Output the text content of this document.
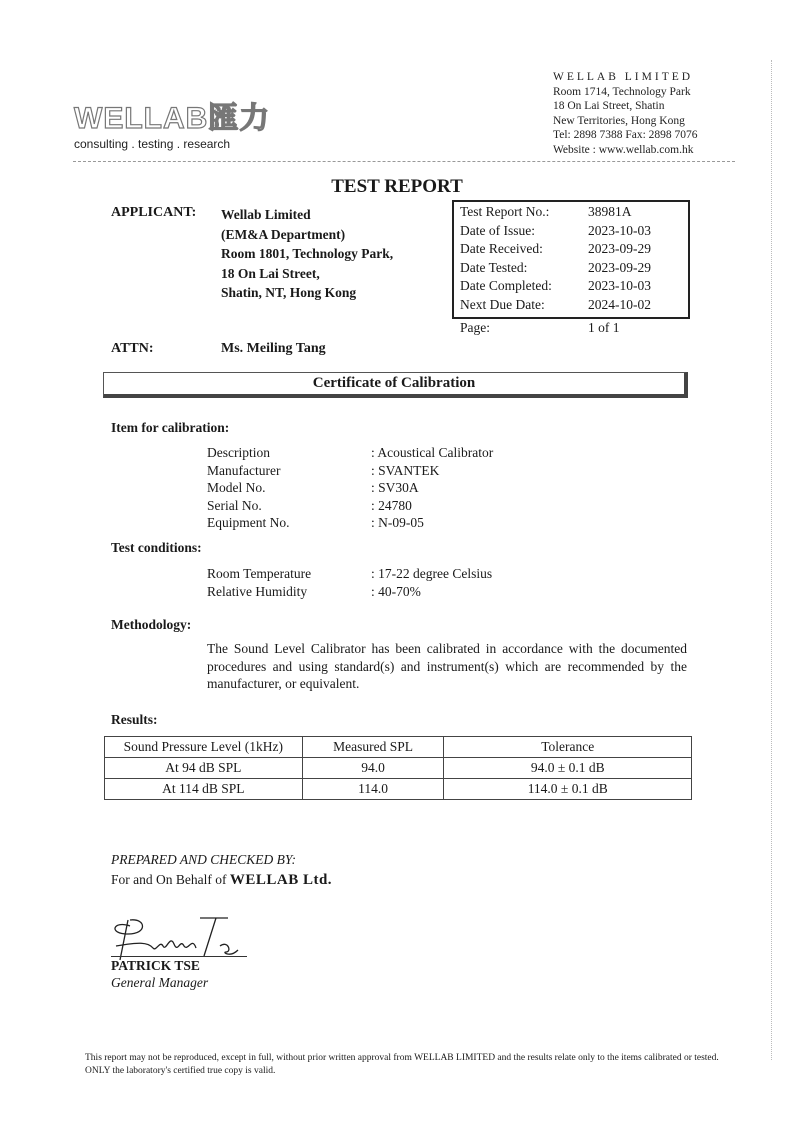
WELLAB匯力
consulting . testing . research
WELLAB LIMITED
Room 1714, Technology Park
18 On Lai Street, Shatin
New Territories, Hong Kong
Tel: 2898 7388 Fax: 2898 7076
Website : www.wellab.com.hk
TEST REPORT
APPLICANT: Wellab Limited
(EM&A Department)
Room 1801, Technology Park,
18 On Lai Street,
Shatin, NT, Hong Kong
Test Report No.:	38981A
Date of Issue:	2023-10-03
Date Received:	2023-09-29
Date Tested:	2023-09-29
Date Completed:	2023-10-03
Next Due Date:	2024-10-02
Page:	1 of 1
ATTN:	Ms. Meiling Tang
Certificate of Calibration
Item for calibration:
Description	: Acoustical Calibrator
Manufacturer	: SVANTEK
Model No.	: SV30A
Serial No.	: 24780
Equipment No.	: N-09-05
Test conditions:
Room Temperature	: 17-22 degree Celsius
Relative Humidity	: 40-70%
Methodology:
The Sound Level Calibrator has been calibrated in accordance with the documented procedures and using standard(s) and instrument(s) which are recommended by the manufacturer, or equivalent.
Results:
Sound Pressure Level (1kHz)	Measured SPL	Tolerance
At 94 dB SPL	94.0	94.0 ± 0.1 dB
At 114 dB SPL	114.0	114.0 ± 0.1 dB
PREPARED AND CHECKED BY:
For and On Behalf of WELLAB Ltd.
PATRICK TSE
General Manager
This report may not be reproduced, except in full, without prior written approval from WELLAB LIMITED and the results relate only to the items calibrated or tested. ONLY the laboratory's certified true copy is valid.
